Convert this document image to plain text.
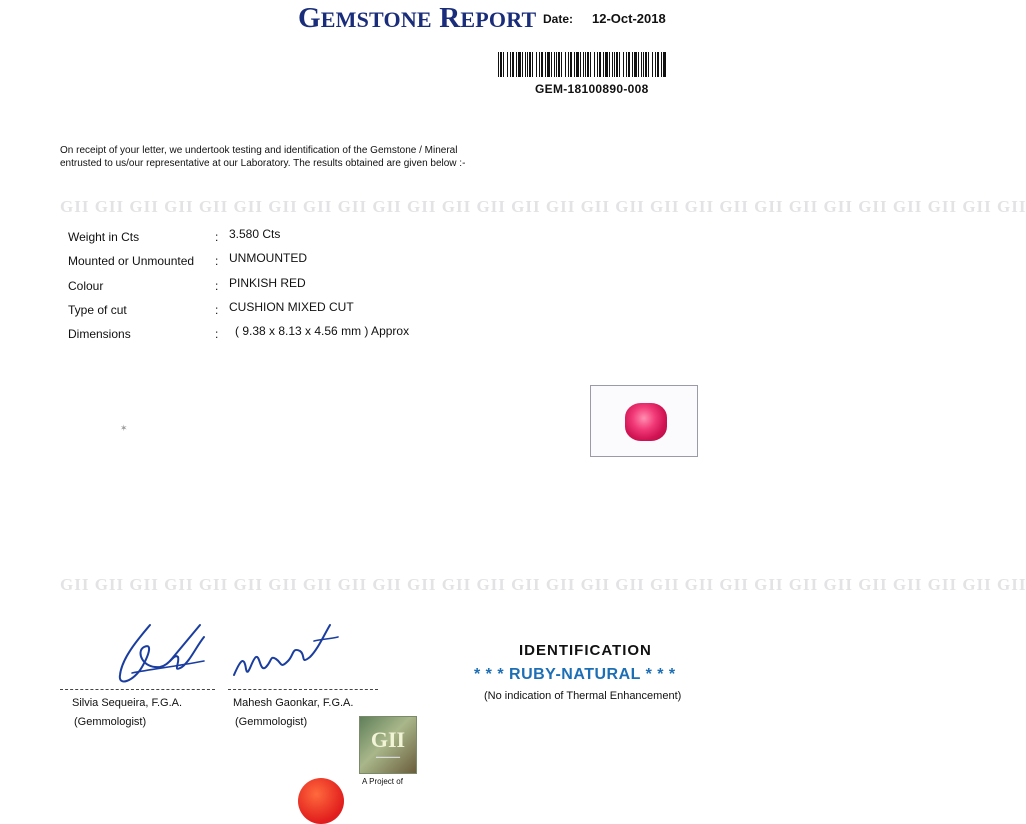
GEMSTONE REPORT Date: 12-Oct-2018
GEM-18100890-008
On receipt of your letter, we undertook testing and identification of the Gemstone / Mineral
entrusted to us/our representative at our Laboratory. The results obtained are given below :-
GII GII GII GII GII GII GII GII GII GII GII GII GII GII GII GII GII GII GII GII GII GII GII GII GII GII GII GII
GII GII GII GII GII GII GII GII GII GII GII GII GII GII GII GII GII GII GII GII GII GII GII GII GII GII GII GII
Weight in Cts	: 3.580 Cts
Mounted or Unmounted	: UNMOUNTED
Colour	: PINKISH RED
Type of cut	: CUSHION MIXED CUT
Dimensions	: ( 9.38 x 8.13 x 4.56 mm ) Approx
✶
Silvia Sequeira, F.G.A.
(Gemmologist)
Mahesh Gaonkar, F.G.A.
(Gemmologist)
IDENTIFICATION
* * * RUBY-NATURAL * * *
(No indication of Thermal Enhancement)
GII
━━━━━━━━
A Project of
